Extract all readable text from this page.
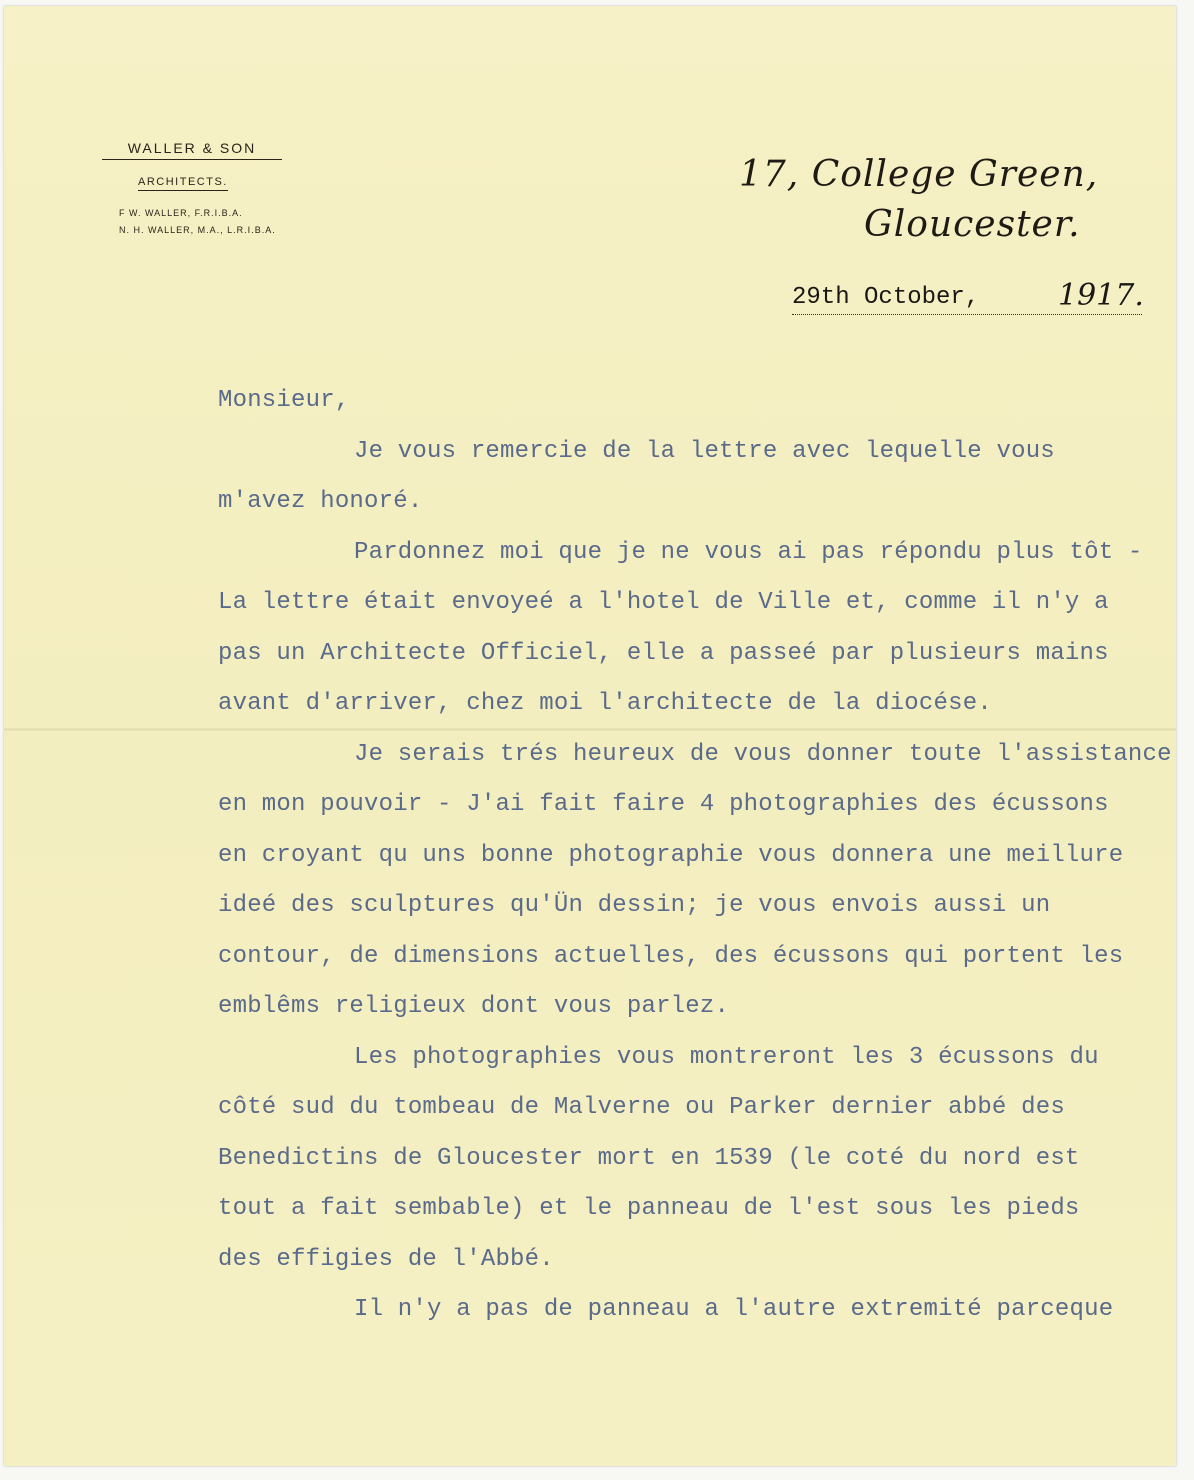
WALLER & SON
ARCHITECTS.
F W. WALLER, F.R.I.B.A.
N. H. WALLER, M.A., L.R.I.B.A.
17, College Green,
Gloucester.
29th October,	1917.
Monsieur,
Je vous remercie de la lettre avec lequelle vous
m'avez honoré.
Pardonnez moi que je ne vous ai pas répondu plus tôt -
La lettre était envoyeé a l'hotel de Ville et, comme il n'y a
pas un Architecte Officiel, elle a passeé par plusieurs mains
avant d'arriver, chez moi l'architecte de la diocése.
Je serais trés heureux de vous donner toute l'assistance
en mon pouvoir - J'ai fait faire 4 photographies des écussons
en croyant qu uns bonne photographie vous donnera une meillure
ideé des sculptures qu'Ün dessin; je vous envois aussi un
contour, de dimensions actuelles, des écussons qui portent les
emblêms religieux dont vous parlez.
Les photographies vous montreront les 3 écussons du
côté sud du tombeau de Malverne ou Parker dernier abbé des
Benedictins de Gloucester mort en 1539 (le coté du nord est
tout a fait sembable) et le panneau de l'est sous les pieds
des effigies de l'Abbé.
Il n'y a pas de panneau a l'autre extremité parceque
